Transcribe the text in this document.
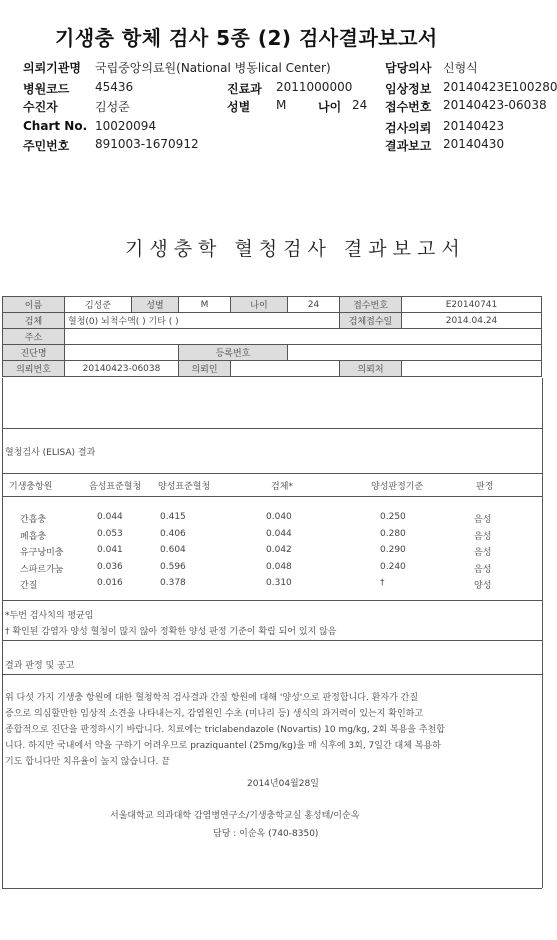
기생충 항체 검사 5종 (2) 검사결과보고서
의뢰기관명 국립중앙의료원(National 병동lical Center)	담당의사 신형식
병원코드 45436	진료과 2011000000	임상정보 20140423E100280
수진자	김성준	성별 M	나이 24 접수번호 20140423-06038
Chart No. 10020094	검사의뢰 20140423
주민번호 891003-1670912	결과보고 20140430
기생충학 혈청검사 결과보고서
이름	김성준	성별	M	나이	24	접수번호	E20140741
검체	혈청(0) 뇌척수액( ) 기타 ( )					검체접수일	2014.04.24
주소							
진단명			등록번호				
의뢰번호	20140423-06038		의뢰인			의뢰처	
혈청검사 (ELISA) 결과
기생충항원	음성표준혈청 양성표준혈청	검체*	양성판정기준	판정
간흡충	0.044	0.415	0.040	0.250	음성
폐흡충	0.053	0.406	0.044	0.280	음성
유구낭미충	0.041	0.604	0.042	0.290	음성
스파르가눔	0.036	0.596	0.048	0.240	음성
간질	0.016	0.378	0.310	†	양성
*두번 검사치의 평균임
† 확인된 감염자 양성 혈청이 많지 않아 정확한 양성 판정 기준이 확립 되어 있지 않음
결과 판정 및 공고
위 다섯 가지 기생충 항원에 대한 혈청학적 검사결과 간질 항원에 대해 '양성'으로 판정합니다. 환자가 간질
증으로 의심할만한 임상적 소견을 나타내는지, 감염원인 수초 (미나리 등) 생식의 과거력이 있는지 확인하고
종합적으로 진단을 판정하시기 바랍니다. 치료에는 triclabendazole (Novartis) 10 mg/kg, 2회 복용을 추천합
니다. 하지만 국내에서 약을 구하기 어려우므로 praziquantel (25mg/kg)을 매 식후에 3회, 7일간 대체 복용하
기도 합니다만 치유율이 높지 않습니다. 끝
2014년04월28일
서울대학교 의과대학 감염병연구소/기생충학교실 홍성태/이순옥
담당 : 이순옥 (740-8350)
